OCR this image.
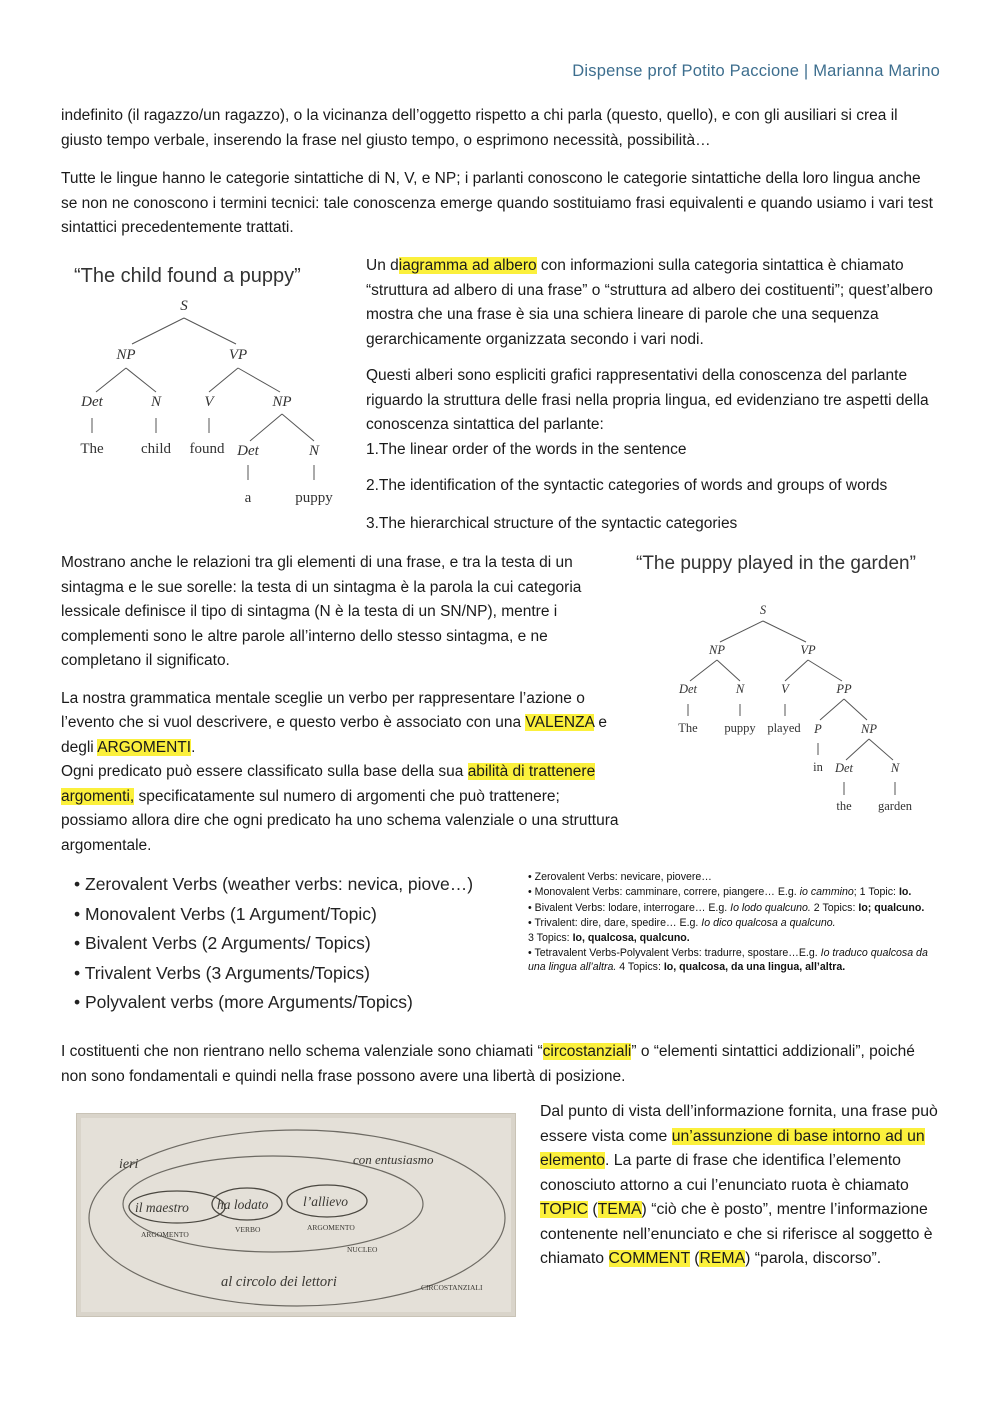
Dispense prof Potito Paccione | Marianna Marino
indefinito (il ragazzo/un ragazzo), o la vicinanza dell’oggetto rispetto a chi parla (questo, quello), e con gli ausiliari si crea il giusto tempo verbale, inserendo la frase nel giusto tempo, o esprimono necessità, possibilità…
Tutte le lingue hanno le categorie sintattiche di N, V, e NP; i parlanti conoscono le categorie sintattiche della loro lingua anche se non ne conoscono i termini tecnici: tale conoscenza emerge quando sostituiamo frasi equivalenti e quando usiamo i vari test sintattici precedentemente trattati.
“The child found a puppy”
S
NP	VP
Det	N	V	NP
Det	N
The child found
a	puppy

Un diagramma ad albero con informazioni sulla categoria sintattica è chiamato “struttura ad albero di una frase” o “struttura ad albero dei costituenti”; quest’albero mostra che una frase è sia una schiera lineare di parole che una sequenza gerarchicamente organizzata secondo i vari nodi.

Questi alberi sono espliciti grafici rappresentativi della conoscenza del parlante riguardo la struttura delle frasi nella propria lingua, ed evidenziano tre aspetti della conoscenza sintattica del parlante:

1.The linear order of the words in the sentence

2.The identification of the syntactic categories of words and groups of words

3.The hierarchical structure of the syntactic categories

Mostrano anche le relazioni tra gli elementi di una frase, e tra la testa di un sintagma e le sue sorelle: la testa di un sintagma è la parola la cui categoria lessicale definisce il tipo di sintagma (N è la testa di un SN/NP), mentre i complementi sono le altre parole all’interno dello stesso sintagma, e ne completano il significato.

La nostra grammatica mentale sceglie un verbo per rappresentare l’azione o l’evento che si vuol descrivere, e questo verbo è associato con una VALENZA e degli ARGOMENTI.

Ogni predicato può essere classificato sulla base della sua abilità di trattenere argomenti, specificatamente sul numero di argomenti che può trattenere; possiamo allora dire che ogni predicato ha uno schema valenziale o una struttura argomentale.

“The puppy played in the garden”
S
NP	VP
Det	N	V	PP
P	NP
Det	N
The puppy played
in
the garden
• Zerovalent Verbs (weather verbs: nevica, piove…)
• Monovalent Verbs (1 Argument/Topic)
• Bivalent Verbs (2 Arguments/ Topics)
• Trivalent Verbs (3 Arguments/Topics)
• Polyvalent verbs (more Arguments/Topics)
• Zerovalent Verbs: nevicare, piovere…
• Monovalent Verbs: camminare, correre, piangere… E.g. io cammino; 1 Topic: Io.
• Bivalent Verbs: lodare, interrogare… E.g. Io lodo qualcuno. 2 Topics: Io; qualcuno.
• Trivalent: dire, dare, spedire… E.g. Io dico qualcosa a qualcuno.
3 Topics: Io, qualcosa, qualcuno.
• Tetravalent Verbs-Polyvalent Verbs: tradurre, spostare…E.g. Io traduco qualcosa da una lingua all’altra. 4 Topics: Io, qualcosa, da una lingua, all’altra.
I costituenti che non rientrano nello schema valenziale sono chiamati “circostanziali” o “elementi sintattici addizionali”, poiché non sono fondamentali e quindi nella frase possono avere una libertà di posizione.
ieri	con entusiasmo
il maestro ha lodato	l’allievo
al circolo dei lettori
ARGOMENTO
VERBO	ARGOMENTO
NUCLEO
CIRCOSTANZIALI

Dal punto di vista dell’informazione fornita, una frase può essere vista come un’assunzione di base intorno ad un elemento. La parte di frase che identifica l’elemento conosciuto attorno a cui l’enunciato ruota è chiamato TOPIC (TEMA) “ciò che è posto”, mentre l’informazione contenente nell’enunciato e che si riferisce al soggetto è chiamato COMMENT (REMA) “parola, discorso”.
